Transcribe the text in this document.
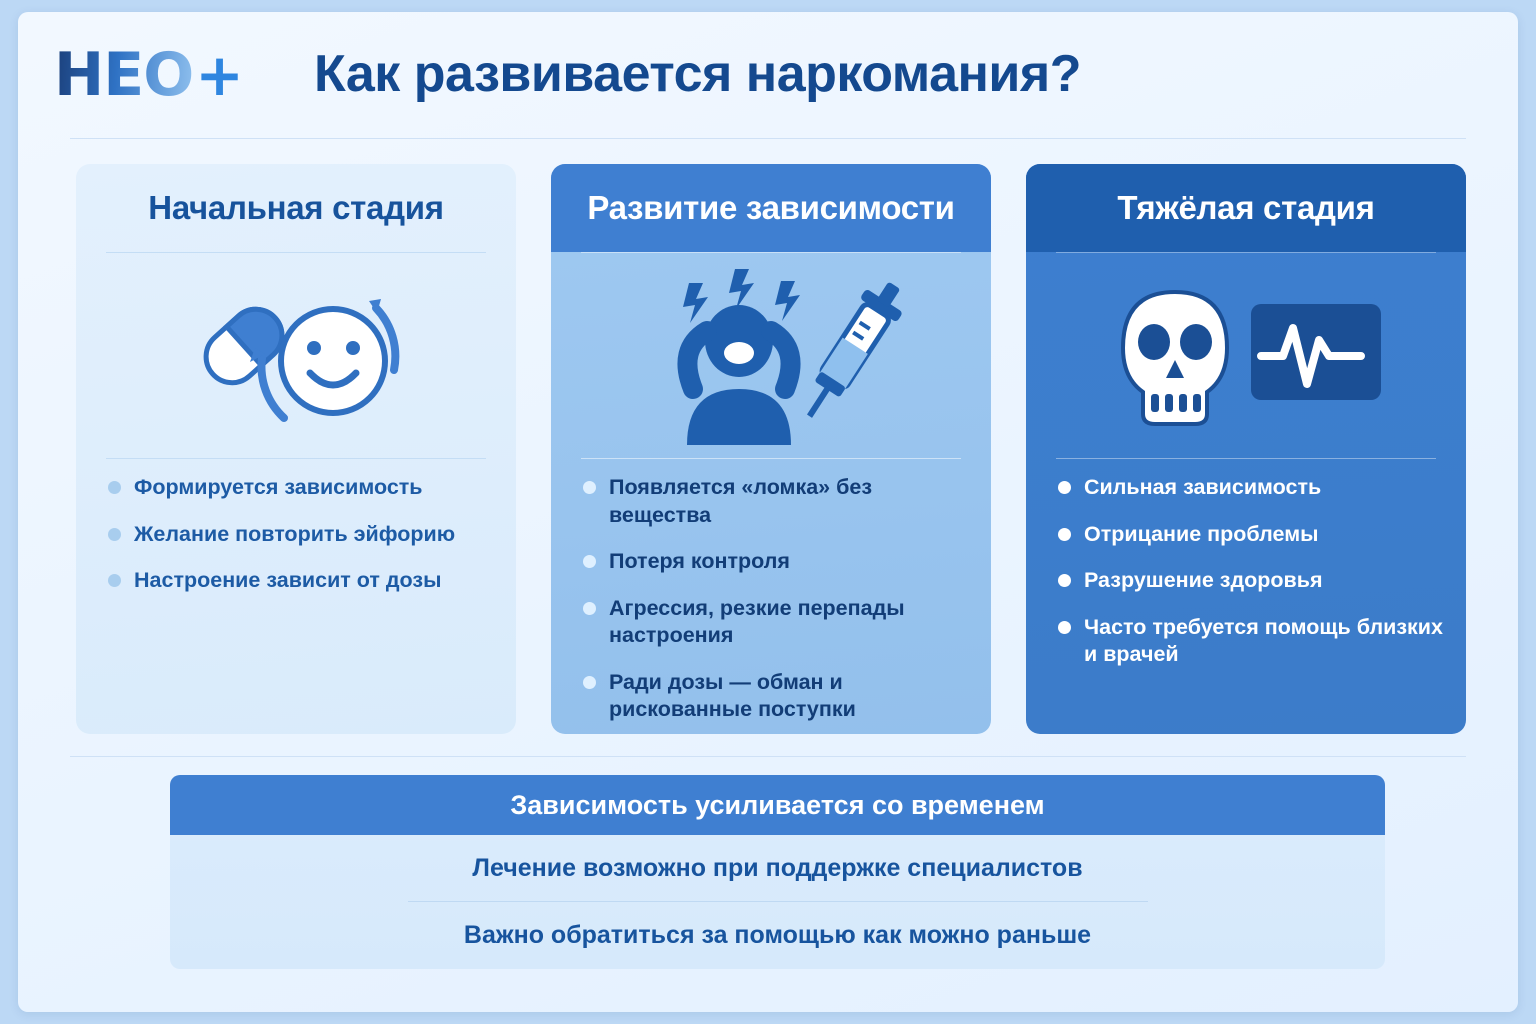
HEO + Как развивается наркомания?
Начальная стадия
Формируется зависимость
Желание повторить эйфорию
Настроение зависит от дозы
Развитие зависимости
Появляется «ломка» без вещества
Потеря контроля
Агрессия, резкие перепады настроения
Ради дозы — обман и рискованные поступки
Тяжёлая стадия
Сильная зависимость
Отрицание проблемы
Разрушение здоровья
Часто требуется помощь близких и врачей
Зависимость усиливается со временем
Лечение возможно при поддержке специалистов
Важно обратиться за помощью как можно раньше
